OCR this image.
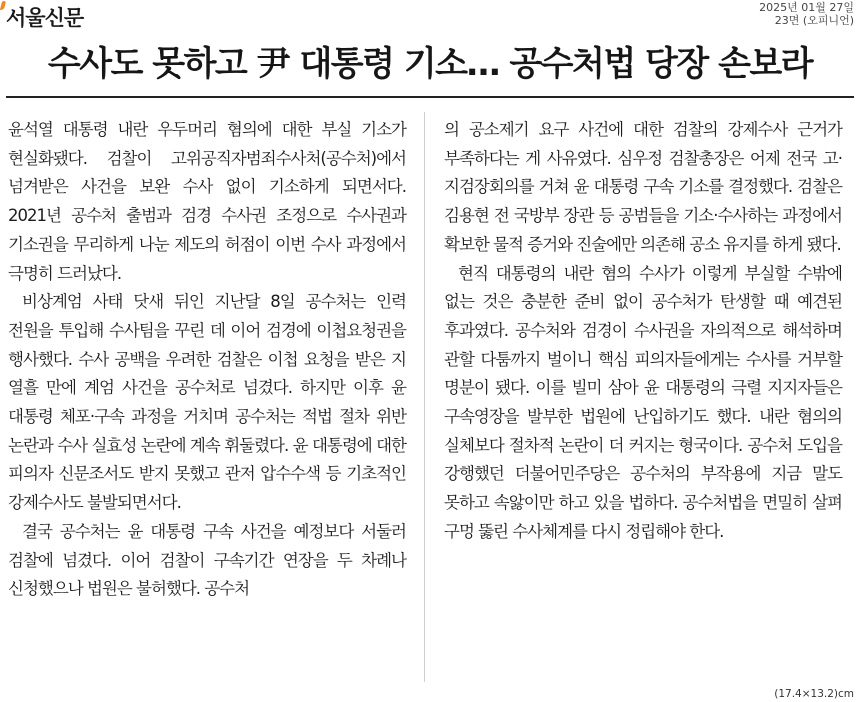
서울신문	2025년 01월 27일
23면 (오피니언)
수사도 못하고 尹 대통령 기소… 공수처법 당장 손보라

윤석열 대통령 내란 우두머리 혐의에 대한 부실 기소가 현실화됐다. 검찰이 고위공직자범죄수사처(공수처)에서 넘겨받은 사건을 보완 수사 없이 기소하게 되면서다. 2021년 공수처 출범과 검경 수사권 조정으로 수사권과 기소권을 무리하게 나눈 제도의 허점이 이번 수사 과정에서 극명히 드러났다.

비상계엄 사태 닷새 뒤인 지난달 8일 공수처는 인력 전원을 투입해 수사팀을 꾸린 데 이어 검경에 이첩요청권을 행사했다. 수사 공백을 우려한 검찰은 이첩 요청을 받은 지 열흘 만에 계엄 사건을 공수처로 넘겼다. 하지만 이후 윤 대통령 체포·구속 과정을 거치며 공수처는 적법 절차 위반 논란과 수사 실효성 논란에 계속 휘둘렸다. 윤 대통령에 대한 피의자 신문조서도 받지 못했고 관저 압수수색 등 기초적인 강제수사도 불발되면서다.

결국 공수처는 윤 대통령 구속 사건을 예정보다 서둘러 검찰에 넘겼다. 이어 검찰이 구속기간 연장을 두 차례나 신청했으나 법원은 불허했다. 공수처

의 공소제기 요구 사건에 대한 검찰의 강제수사 근거가 부족하다는 게 사유였다. 심우정 검찰총장은 어제 전국 고·지검장회의를 거쳐 윤 대통령 구속 기소를 결정했다. 검찰은 김용현 전 국방부 장관 등 공범들을 기소·수사하는 과정에서 확보한 물적 증거와 진술에만 의존해 공소 유지를 하게 됐다.

현직 대통령의 내란 혐의 수사가 이렇게 부실할 수밖에 없는 것은 충분한 준비 없이 공수처가 탄생할 때 예견된 후과였다. 공수처와 검경이 수사권을 자의적으로 해석하며 관할 다툼까지 벌이니 핵심 피의자들에게는 수사를 거부할 명분이 됐다. 이를 빌미 삼아 윤 대통령의 극렬 지지자들은 구속영장을 발부한 법원에 난입하기도 했다. 내란 혐의의 실체보다 절차적 논란이 더 커지는 형국이다. 공수처 도입을 강행했던 더불어민주당은 공수처의 부작용에 지금 말도 못하고 속앓이만 하고 있을 법하다. 공수처법을 면밀히 살펴 구멍 뚫린 수사체계를 다시 정립해야 한다.

(17.4×13.2)cm
